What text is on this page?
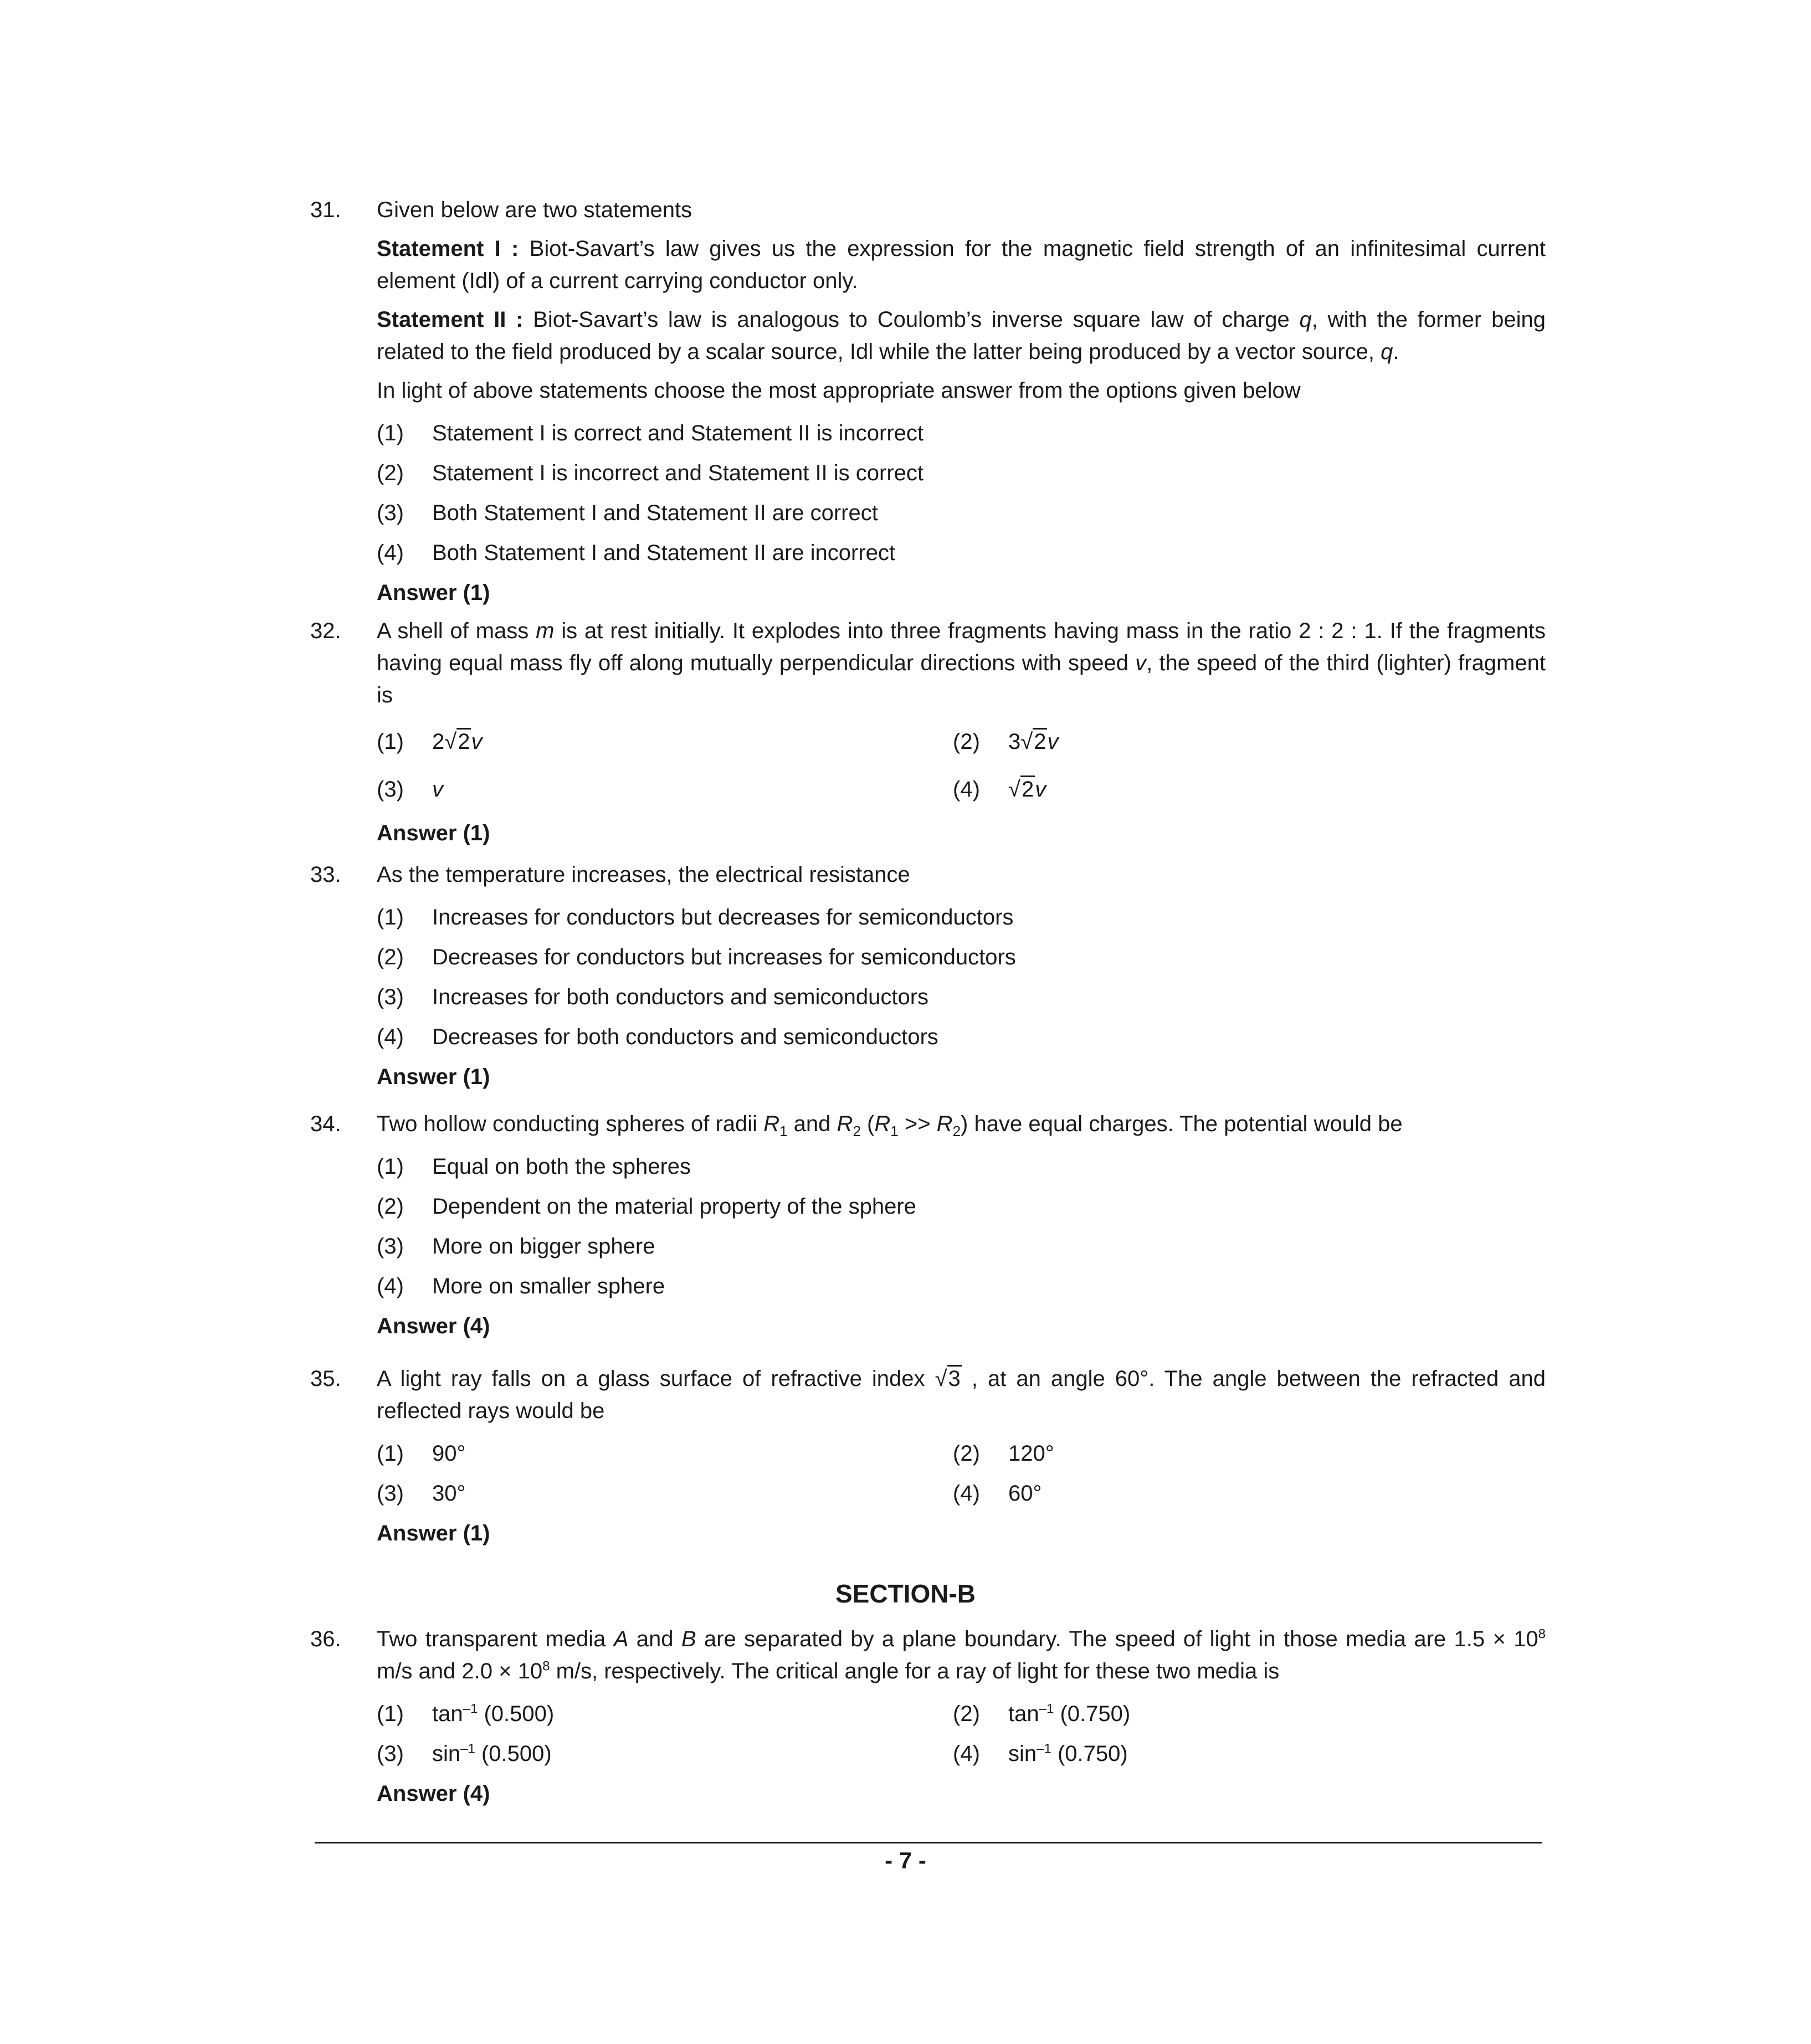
31.	Given below are two statements

Statement I : Biot-Savart’s law gives us the expression for the magnetic field strength of an infinitesimal current element (Idl) of a current carrying conductor only.

Statement II : Biot-Savart’s law is analogous to Coulomb’s inverse square law of charge q, with the former being related to the field produced by a scalar source, Idl while the latter being produced by a vector source, q.

In light of above statements choose the most appropriate answer from the options given below

(1)	Statement I is correct and Statement II is incorrect
(2)	Statement I is incorrect and Statement II is correct
(3)	Both Statement I and Statement II are correct
(4)	Both Statement I and Statement II are incorrect
Answer (1)
32.	A shell of mass m is at rest initially. It explodes into three fragments having mass in the ratio 2 : 2 : 1. If the fragments having equal mass fly off along mutually perpendicular directions with speed v, the speed of the third (lighter) fragment is

(1)	2√2v	(2)	3√2v
(3)	v	(4)	√2v
Answer (1)
33.	As the temperature increases, the electrical resistance

(1)	Increases for conductors but decreases for semiconductors
(2)	Decreases for conductors but increases for semiconductors
(3)	Increases for both conductors and semiconductors
(4)	Decreases for both conductors and semiconductors
Answer (1)
34.	Two hollow conducting spheres of radii $R_1$ and $R_2$ $(R_1 >> R_2)$ have equal charges. The potential would be

(1)	Equal on both the spheres
(2)	Dependent on the material property of the sphere
(3)	More on bigger sphere
(4)	More on smaller sphere
Answer (4)
35.	A light ray falls on a glass surface of refractive index √3 , at an angle 60°. The angle between the refracted and reflected rays would be

(1)	90°	(2)	120°
(3)	30°	(4)	60°
Answer (1)
SECTION-B
36.	Two transparent media A and B are separated by a plane boundary. The speed of light in those media are $1.5 \times 10^8$ m/s and $2.0 \times 10^8$ m/s, respectively. The critical angle for a ray of light for these two media is

(1)	$\tan^{-1} (0.500)$	(2)	$\tan^{-1} (0.750)$
(3)	$\sin^{-1} (0.500)$	(4)	$\sin^{-1} (0.750)$
Answer (4)
- 7 -
